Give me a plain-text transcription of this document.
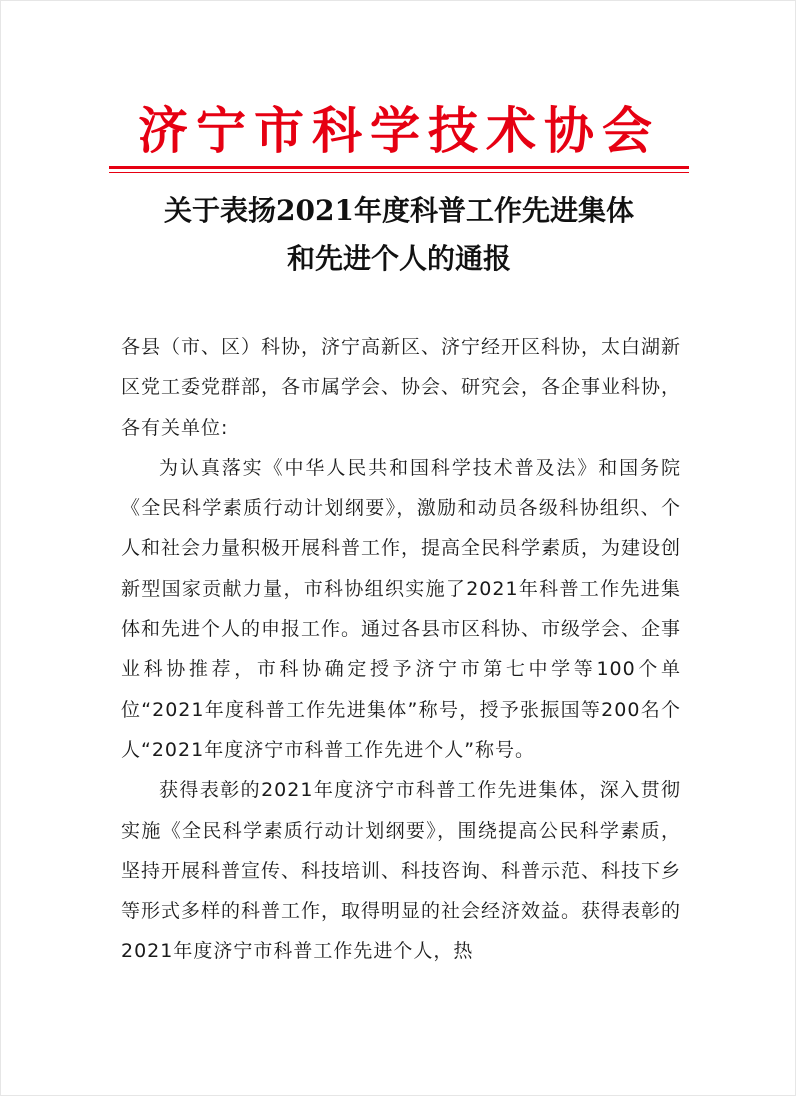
济宁市科学技术协会
关于表扬2021年度科普工作先进集体
和先进个人的通报

各县（市、区）科协，济宁高新区、济宁经开区科协，太白湖新区党工委党群部，各市属学会、协会、研究会，各企事业科协，各有关单位:

为认真落实《中华人民共和国科学技术普及法》和国务院《全民科学素质行动计划纲要》，激励和动员各级科协组织、个人和社会力量积极开展科普工作，提高全民科学素质，为建设创新型国家贡献力量，市科协组织实施了2021年科普工作先进集体和先进个人的申报工作。通过各县市区科协、市级学会、企事业科协推荐，市科协确定授予济宁市第七中学等100个单位“2021年度科普工作先进集体”称号，授予张振国等200名个人“2021年度济宁市科普工作先进个人”称号。

获得表彰的2021年度济宁市科普工作先进集体，深入贯彻实施《全民科学素质行动计划纲要》，围绕提高公民科学素质，坚持开展科普宣传、科技培训、科技咨询、科普示范、科技下乡等形式多样的科普工作，取得明显的社会经济效益。获得表彰的2021年度济宁市科普工作先进个人，热
